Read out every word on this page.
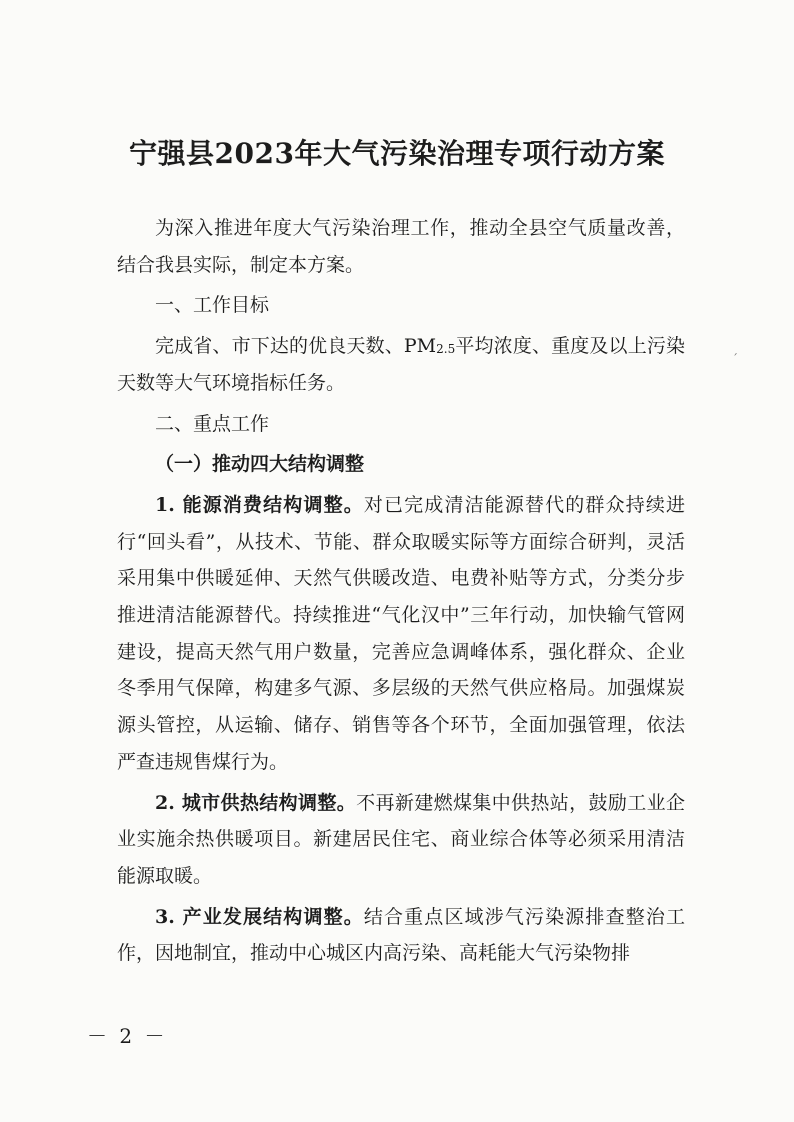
宁强县2023年大气污染治理专项行动方案

为深入推进年度大气污染治理工作，推动全县空气质量改善，结合我县实际，制定本方案。

一、工作目标

完成省、市下达的优良天数、$PM_{2.5}$平均浓度、重度及以上污染天数等大气环境指标任务。

二、重点工作

（一）推动四大结构调整

1. 能源消费结构调整。对已完成清洁能源替代的群众持续进行“回头看”，从技术、节能、群众取暖实际等方面综合研判，灵活采用集中供暖延伸、天然气供暖改造、电费补贴等方式，分类分步推进清洁能源替代。持续推进“气化汉中”三年行动，加快输气管网建设，提高天然气用户数量，完善应急调峰体系，强化群众、企业冬季用气保障，构建多气源、多层级的天然气供应格局。加强煤炭源头管控，从运输、储存、销售等各个环节，全面加强管理，依法严查违规售煤行为。

2. 城市供热结构调整。不再新建燃煤集中供热站，鼓励工业企业实施余热供暖项目。新建居民住宅、商业综合体等必须采用清洁能源取暖。

3. 产业发展结构调整。结合重点区域涉气污染源排查整治工作，因地制宜，推动中心城区内高污染、高耗能大气污染物排

－ 2 －
ˊ
